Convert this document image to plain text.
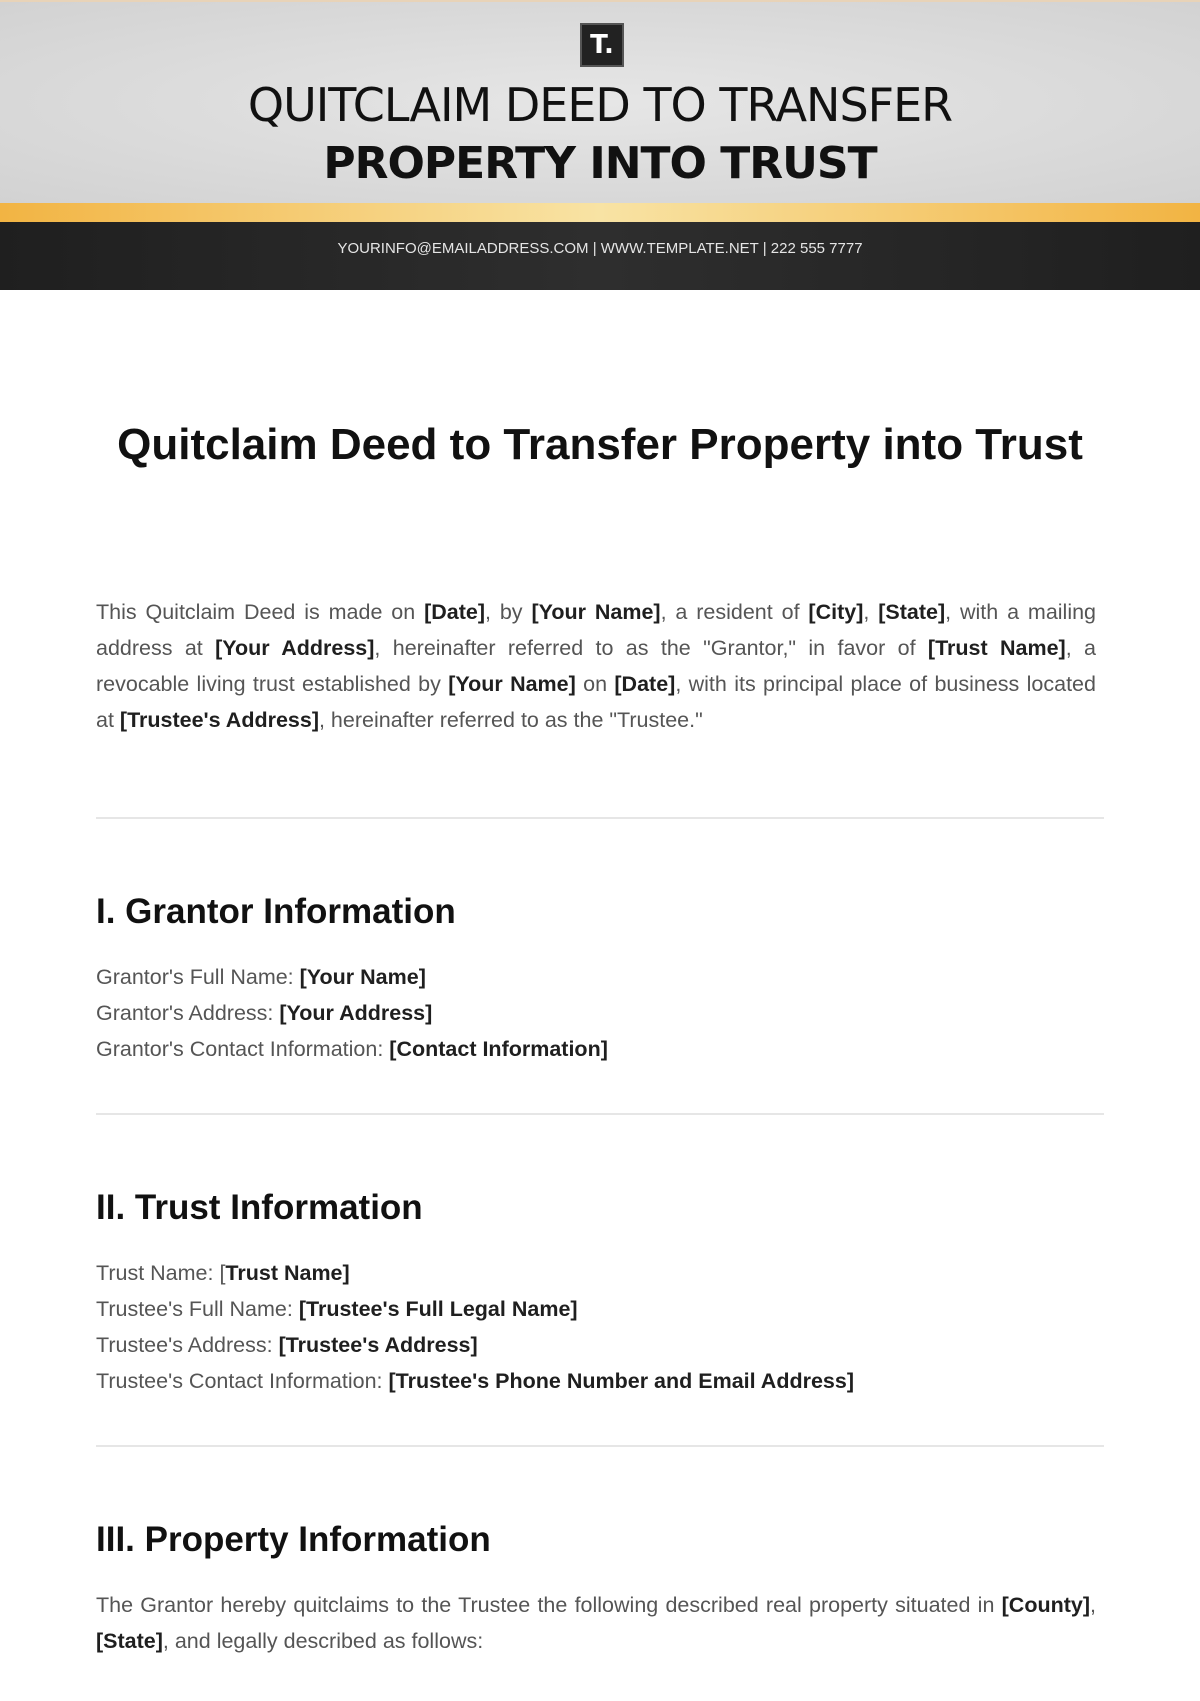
T.
QUITCLAIM DEED TO TRANSFER
PROPERTY INTO TRUST
YOURINFO@EMAILADDRESS.COM | WWW.TEMPLATE.NET | 222 555 7777
Quitclaim Deed to Transfer Property into Trust

This Quitclaim Deed is made on [Date], by [Your Name], a resident of [City], [State], with a mailing address at [Your Address], hereinafter referred to as the "Grantor," in favor of [Trust Name], a revocable living trust established by [Your Name] on [Date], with its principal place of business located at [Trustee's Address], hereinafter referred to as the "Trustee."

I. Grantor Information
Grantor's Full Name: [Your Name]
Grantor's Address: [Your Address]
Grantor's Contact Information: [Contact Information]
II. Trust Information
Trust Name: [Trust Name]
Trustee's Full Name: [Trustee's Full Legal Name]
Trustee's Address: [Trustee's Address]
Trustee's Contact Information: [Trustee's Phone Number and Email Address]
III. Property Information

The Grantor hereby quitclaims to the Trustee the following described real property situated in [County], [State], and legally described as follows:
